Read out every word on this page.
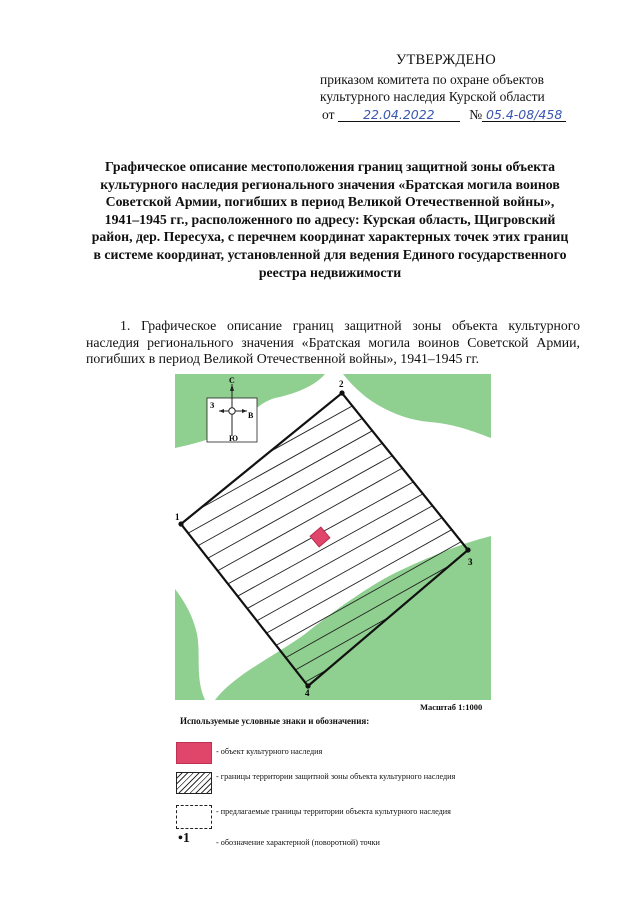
УТВЕРЖДЕНО
приказом комитета по охране объектов
культурного наследия Курской области
от 22.04.2022	№ 05.4-08/458
Графическое описание местоположения границ защитной зоны объекта культурного наследия регионального значения «Братская могила воинов Советской Армии, погибших в период Великой Отечественной войны», 1941–1945 гг., расположенного по адресу: Курская область, Щигровский район, дер. Пересуха, с перечнем координат характерных точек этих границ в системе координат, установленной для ведения Единого государственного реестра недвижимости
1. Графическое описание границ защитной зоны объекта культурного наследия регионального значения «Братская могила воинов Советской Армии, погибших в период Великой Отечественной войны», 1941–1945 гг.
1
2
3
4
С
Ю
З
В
Масштаб 1:1000
Используемые условные знаки и обозначения:
- объект культурного наследия
- границы территории защитной зоны объекта культурного наследия
- предлагаемые границы территории объекта культурного наследия
•1	- обозначение характерной (поворотной) точки
